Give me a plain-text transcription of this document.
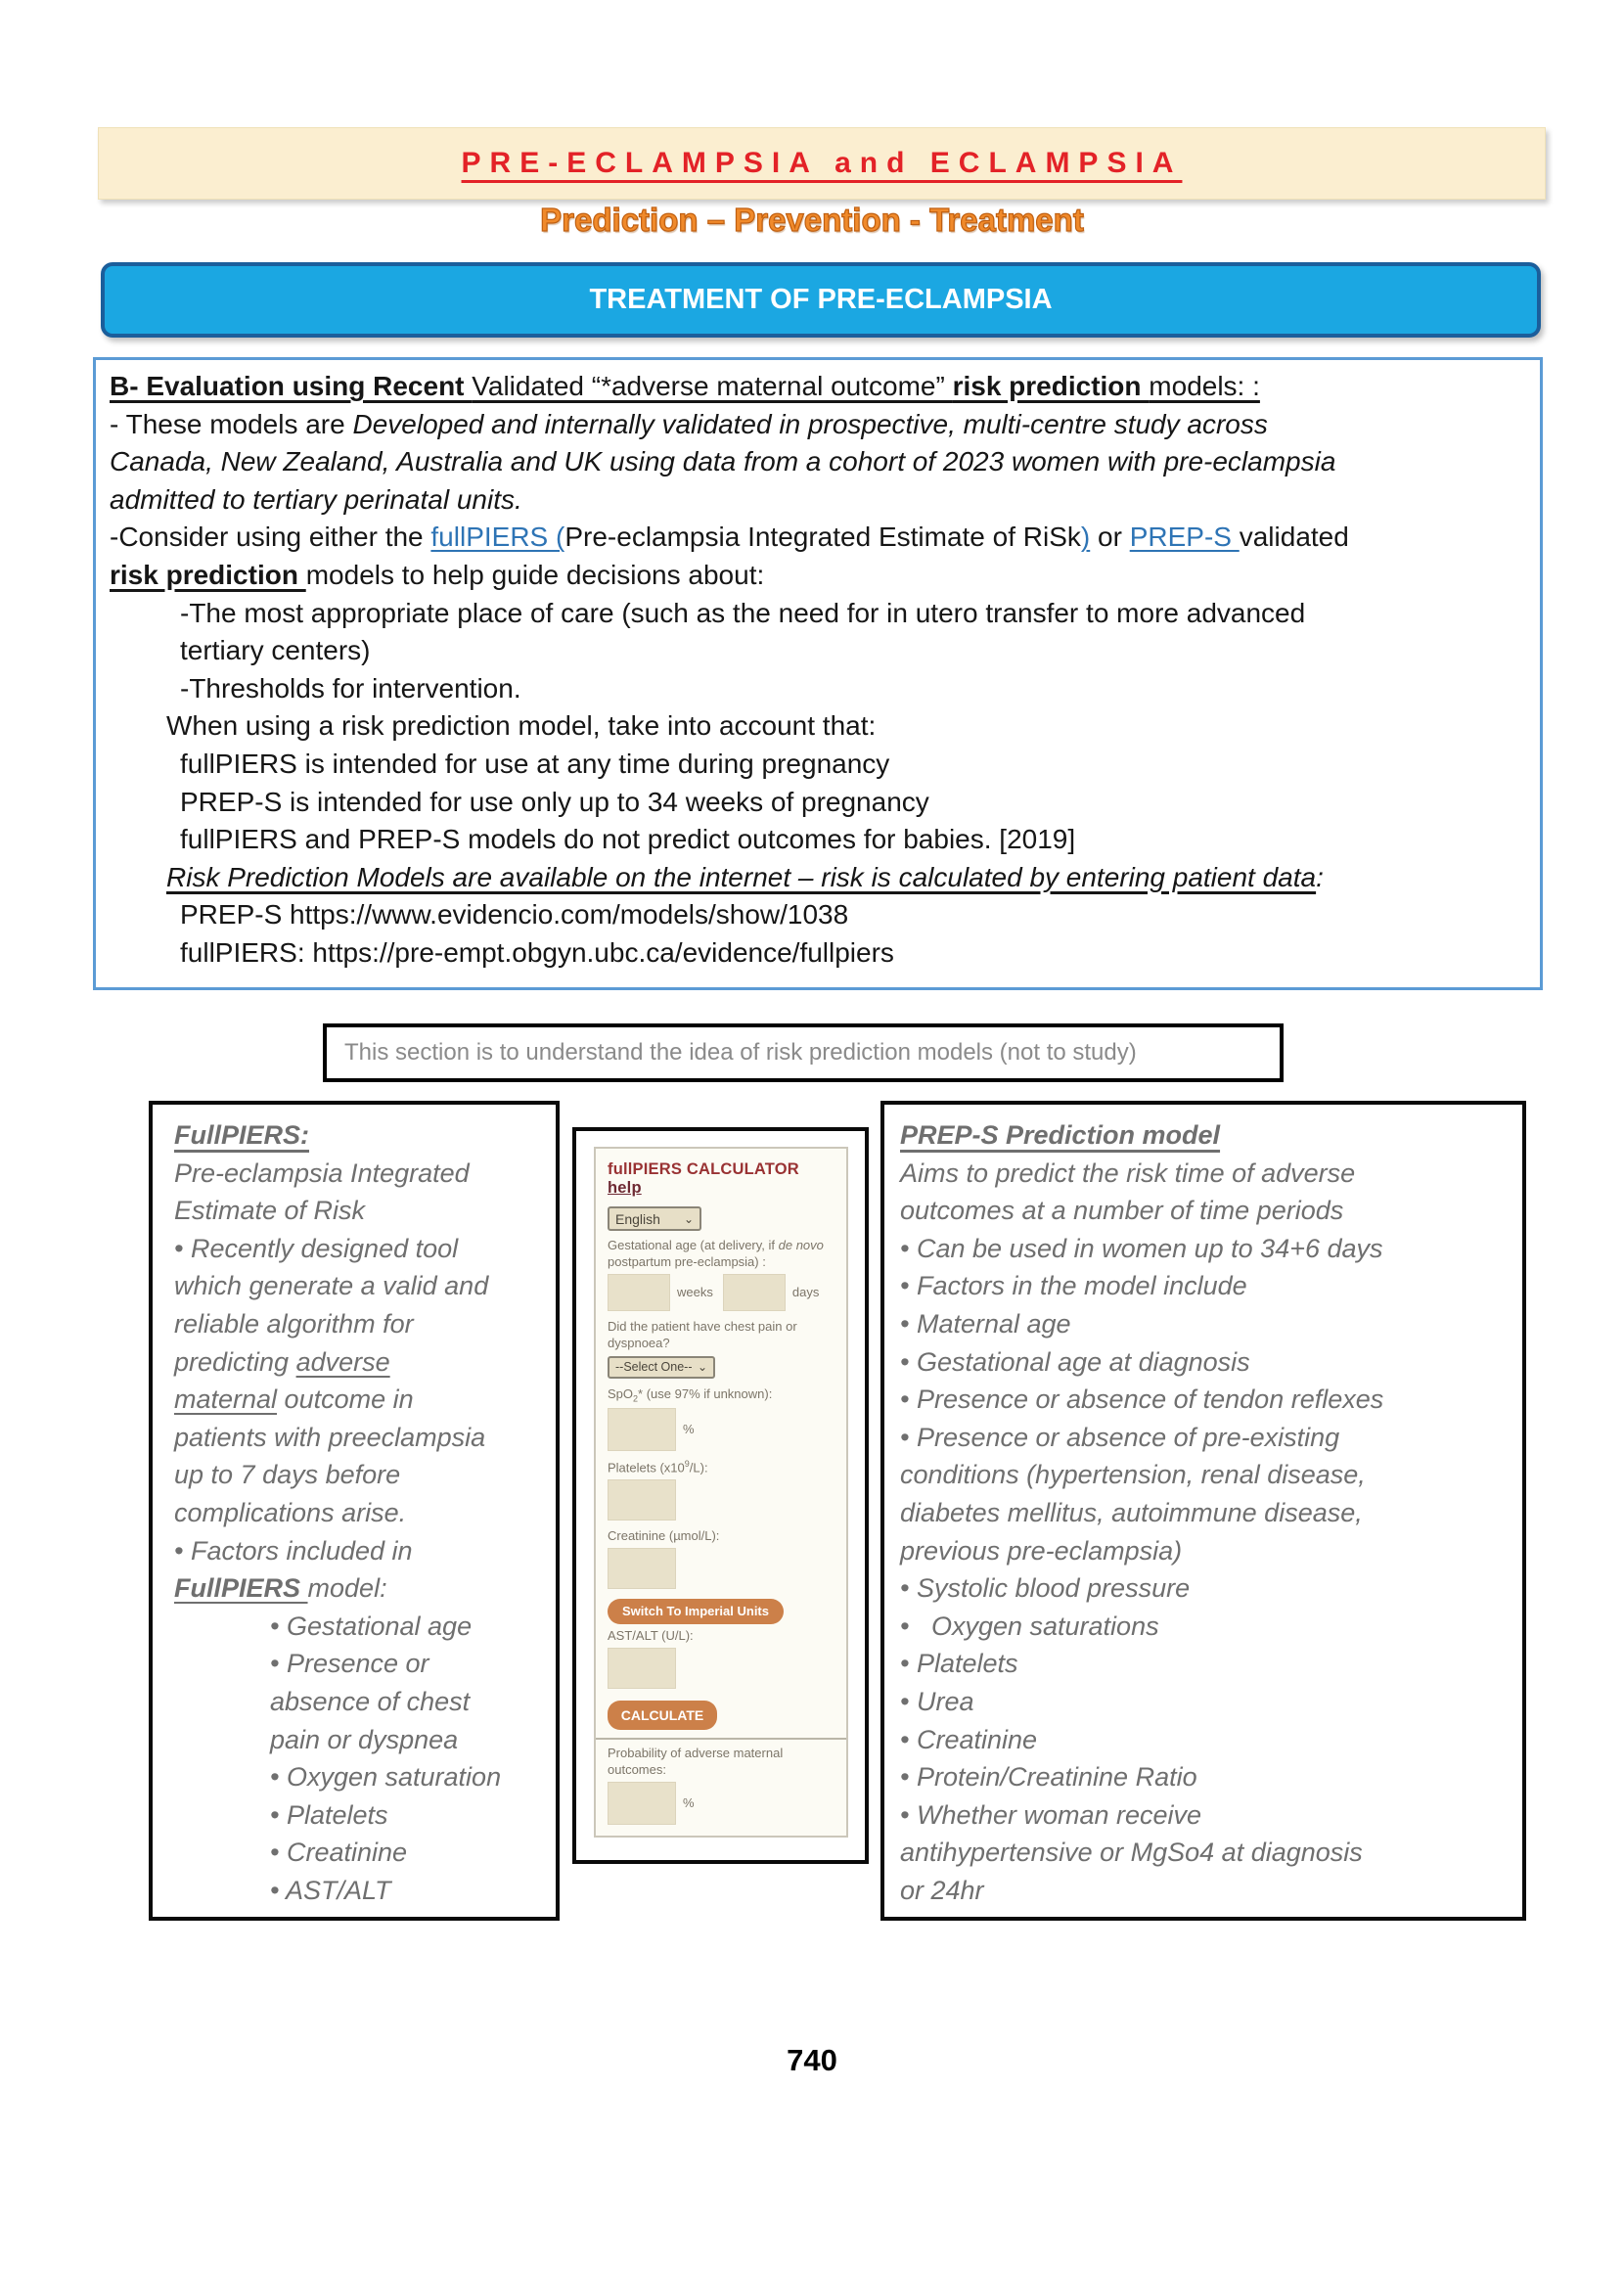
PRE-ECLAMPSIA and ECLAMPSIA
Prediction – Prevention - Treatment
TREATMENT OF PRE-ECLAMPSIA
B- Evaluation using Recent Validated “*adverse maternal outcome” risk prediction models: :
- These models are Developed and internally validated in prospective, multi-centre study across
Canada, New Zealand, Australia and UK using data from a cohort of 2023 women with pre-eclampsia
admitted to tertiary perinatal units.
-Consider using either the fullPIERS (Pre-eclampsia Integrated Estimate of RiSk) or PREP-S validated
risk prediction models to help guide decisions about:
-The most appropriate place of care (such as the need for in utero transfer to more advanced
tertiary centers)
-Thresholds for intervention.
When using a risk prediction model, take into account that:
fullPIERS is intended for use at any time during pregnancy
PREP-S is intended for use only up to 34 weeks of pregnancy
fullPIERS and PREP-S models do not predict outcomes for babies. [2019]
Risk Prediction Models are available on the internet – risk is calculated by entering patient data:
PREP-S https://www.evidencio.com/models/show/1038
fullPIERS: https://pre-empt.obgyn.ubc.ca/evidence/fullpiers
This section is to understand the idea of risk prediction models (not to study)
FullPIERS:
Pre-eclampsia Integrated
Estimate of Risk
• Recently designed tool
which generate a valid and
reliable algorithm for
predicting adverse
maternal outcome in
patients with preeclampsia
up to 7 days before
complications arise.
• Factors included in
FullPIERS model:
• Gestational age
• Presence or
absence of chest
pain or dyspnea
• Oxygen saturation
• Platelets
• Creatinine
• AST/ALT
fullPIERS CALCULATOR help
English ⌄
Gestational age (at delivery, if de novo postpartum pre-eclampsia) :
weeks	days
Did the patient have chest pain or dyspnoea?
--Select One-- ⌄
SpO$_2$* (use 97% if unknown):
%
Platelets $(x10^9/L)$:
Creatinine (µmol/L):
Switch To Imperial Units
AST/ALT (U/L):
CALCULATE
Probability of adverse maternal outcomes:
%
PREP-S Prediction model
Aims to predict the risk time of adverse
outcomes at a number of time periods
• Can be used in women up to 34+6 days
• Factors in the model include
• Maternal age
• Gestational age at diagnosis
• Presence or absence of tendon reflexes
• Presence or absence of pre-existing
conditions (hypertension, renal disease,
diabetes mellitus, autoimmune disease,
previous pre-eclampsia)
• Systolic blood pressure
•   Oxygen saturations
• Platelets
• Urea
• Creatinine
• Protein/Creatinine Ratio
• Whether woman receive
antihypertensive or MgSo4 at diagnosis
or 24hr
740
